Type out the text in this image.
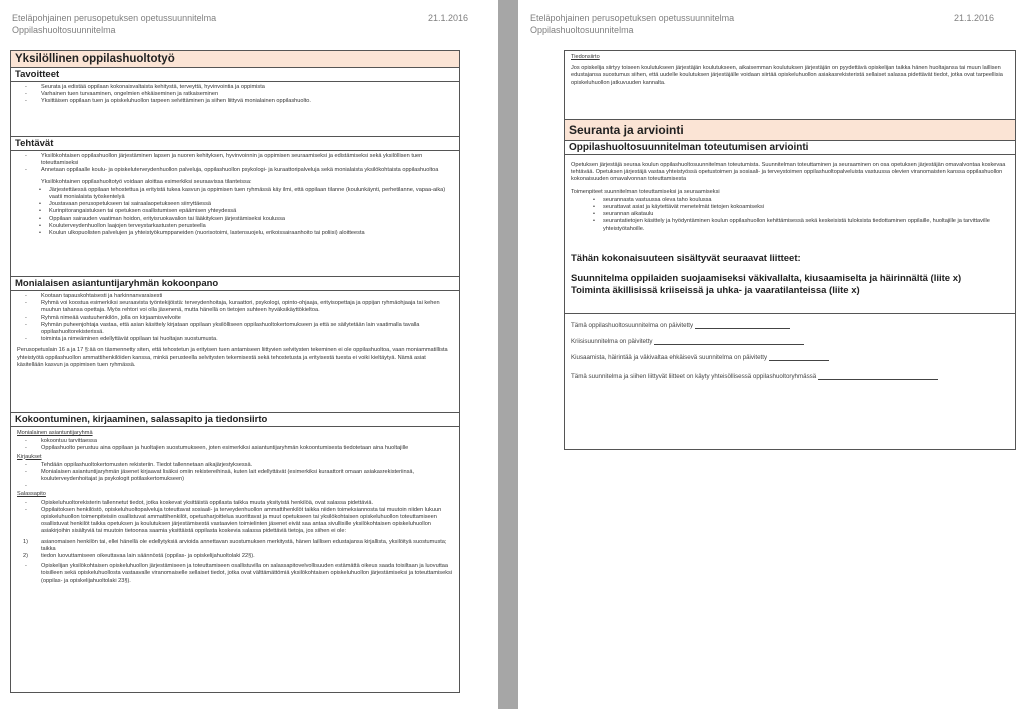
Eteläpohjainen perusopetuksen opetussuunnitelma
Oppilashuoltosuunnitelma
21.1.2016
Yksilöllinen oppilashuoltotyö
Tavoitteet
- Seurata ja edistää oppilaan kokonaisvaltaista kehitystä, terveyttä, hyvinvointia ja oppimista
- Varhainen tuen turvaaminen, ongelmien ehkäiseminen ja ratkaiseminen
- Yksittäisen oppilaan tuen ja opiskeluhuollon tarpeen selvittäminen ja siihen liittyvä monialainen oppilashuolto.
Tehtävät
- Yksilökohtaisen oppilashuollon järjestäminen lapsen ja nuoren kehityksen, hyvinvoinnin ja oppimisen seuraamiseksi ja edistämiseksi sekä yksilöllisen tuen toteuttamiseksi
- Annetaan oppilaalle koulu- ja opiskeluterveydenhuollon palveluja, oppilashuollon psykologi- ja kuraattoripalveluja sekä monialaista yksilökohtaista oppilashuoltoa

Yksilökohtainen oppilashuoltotyö voidaan aloittaa esimerkiksi seuraavissa tilanteissa:

• Järjestettäessä oppilaan tehostettua ja erityistä tukea kasvun ja oppimisen tuen ryhmässä käy ilmi, että oppilaan tilanne (koulunkäynti, perhetilanne, vapaa-aika) vaatii monialaista työskentelyä
• Joustavaan perusopetukseen tai sairaalaopetukseen siirryttäessä
• Kurinpitorangaistuksen tai opetuksen osallistumisen epäämisen yhteydessä
• Oppilaan sairauden vaatiman hoidon, erityisruokavalion tai lääkityksen järjestämiseksi koulussa
• Kouluterveydenhuollon laajojen terveystarkastusten perusteella
• Koulun ulkopuolisten palvelujen ja yhteistyökumppaneiden (nuorisotoimi, lastensuojelu, erikoissairaanhoito tai poliisi) aloitteesta
Monialaisen asiantuntijaryhmän kokoonpano
- Kootaan tapauskohtaisesti ja harkinnanvaraisesti
- Ryhmä voi koostua esimerkiksi seuraavista työntekijöistä: terveydenhoitaja, kuraattori, psykologi, opinto-ohjaaja, erityisopettaja ja oppijan ryhmäohjaaja tai kehen muuhun tahansa opettaja. Myös rehtori voi olla jäsenenä, mutta hänellä on tietojen suhteen hyväksikäyttökieltoa.
- Ryhmä nimeää vastuuhenkilön, jolla on kirjaamisvelvoite
- Ryhmän puheenjohtaja vastaa, että asian käsittely kirjataan oppilaan yksilölliseen oppilashuoltokertomukseen ja että se säilytetään lain vaatimalla tavalla oppilashuoltorekisterissä.
- toiminta ja nimeäminen edellyttävät oppilaan tai huoltajan suostumusta.

Perusopetuslain 16 a ja 17 §:ää on täsmennetty siten, että tehostetun ja erityisen tuen antamiseen liittyvien selvitysten tekeminen ei ole oppilashuoltoa, vaan moniammatillista yhteistyötä oppilashuollon ammattihenkilöiden kanssa, minkä perusteella selvitysten tekemisestä sekä tehostetusta ja erityisestä tuesta ei voiki kieltäytyä. Nämä asiat käsitellään kasvun ja oppimisen tuen ryhmässä.

Kokoontuminen, kirjaaminen, salassapito ja tiedonsiirto

Monialainen asiantuntijaryhmä

- kokoontuu tarvittaessa
- Oppilashuolto perustuu aina oppilaan ja huoltajien suostumukseen, joten esimerkiksi asiantuntijaryhmän kokoontumisesta tiedotetaan aina huoltajille

Kirjaukset

- Tehdään oppilashuoltokertomusten rekisteriin. Tiedot tallennetaan aikajärjestyksessä.
- Monialaisen asiantuntijaryhmän jäsenet kirjaavat lisäksi omiin rekistereihinsä, kuten lait edellyttävät (esimerkiksi kuraattorit omaan asiakasrekisteriinsä, kouluterveydenhoitajat ja psykologit potilaskertomukseen)
-

Salassapito

- Opiskeluhuoltorekisterin tallennetut tiedot, jotka koskevat yksittäistä oppilasta taikka muuta yksityistä henkilöä, ovat salassa pidettäviä.
- Oppilaitoksen henkilöstö, opiskeluhuoltopalveluja toteuttavat sosiaali- ja terveydenhuollon ammattihenkilöt taikka niiden toimeksiannosta tai muutoin niiden lukuun opiskeluhuollon toimenpiteisiin osallistuvat ammattihenkilöt, opetusharjoittelua suorittavat ja muut opetukseen tai yksilökohtaisen opiskeluhuollon toteuttamiseen osallistuvat henkilöt taikka opetuksen ja koulutuksen järjestämisestä vastaavien toimielinten jäsenet eivät saa antaa sivullisille yksilökohtaisen opiskeluhuollon asiakirjoihin sisältyviä tai muutoin tietoonsa saamia yksittäistä oppilasta koskevia salassa pidettäviä tietoja, jos siihen ei ole:
1) asianomaisen henkilön tai, ellei hänellä ole edellytyksiä arvioida annettavan suostumuksen merkitystä, hänen laillisen edustajansa kirjallista, yksilöityä suostumusta; taikka
2) tiedon luovuttamiseen oikeuttavaa lain säännöstä (oppilas- ja opiskelijahuoltolaki 22§).
- Opiskelijan yksilökohtaisen opiskeluhuollon järjestämiseen ja toteuttamiseen osallistuvilla on salassapitovelvollisuuden estämättä oikeus saada toisiltaan ja luovuttaa toisilleen sekä opiskeluhuollosta vastaavalle viranomaiselle sellaiset tiedot, jotka ovat välttämättömiä yksilökohtaisen opiskeluhuollon järjestämiseksi ja toteuttamiseksi (oppilas- ja opiskelijahuoltolaki 23§).
Eteläpohjainen perusopetuksen opetussuunnitelma
Oppilashuoltosuunnitelma
21.1.2016

Tiedonsiirto

Jos opiskelija siirtyy toiseen koulutukseen järjestäjän koulutukseen, aikaisemman koulutuksen järjestäjän on pyydettävä opiskelijan taikka hänen huoltajansa tai muun laillisen edustajansa suostumus siihen, että uudelle koulutuksen järjestäjälle voidaan siirtää opiskeluhuollon asiakasrekisteristä sellaiset salassa pidettävät tiedot, jotka ovat tarpeellisia opiskeluhuollon jatkuvuuden kannalta.

Seuranta ja arviointi
Oppilashuoltosuunnitelman toteutumisen arviointi

Opetuksen järjestäjä seuraa koulun oppilashuoltosuunnitelman toteutumista. Suunnitelman toteuttaminen ja seuraaminen on osa opetuksen järjestäjän omavalvontaa koskevaa tehtävää. Opetuksen järjestäjä vastaa yhteistyössä opetustoimen ja sosiaali- ja terveystoimen oppilashuoltopalveluista vastuussa olevien viranomaisten kanssa oppilashuollon kokonaisuuden omavalvonnan toteuttamisesta

Toimenpiteet suunnitelman toteuttamiseksi ja seuraamiseksi

• seurannasta vastuussa oleva taho koulussa
• seurattavat asiat ja käytettävät menetelmät tietojen kokoamiseksi
• seurannan aikataulu
• seurantatietojen käsittely ja hyödyntäminen koulun oppilashuollon kehittämisessä sekä keskeisistä tuloksista tiedottaminen oppilaille, huoltajille ja tarvittaville yhteistyötahoille.

Tähän kokonaisuuteen sisältyvät seuraavat liitteet:

Suunnitelma oppilaiden suojaamiseksi väkivallalta, kiusaamiselta ja häirinnältä (liite x)

Toiminta äkillisissä kriiseissä ja uhka- ja vaaratilanteissa (liite x)

Tämä oppilashuoltosuunnitelma on päivitetty

Kriisisuunnitelma on päivitetty

Kiusaamista, häirintää ja väkivaltaa ehkäisevä suunnitelma on päivitetty

Tämä suunnitelma ja siihen liittyvät liitteet on käyty yhteisöllisessä oppilashuoltoryhmässä
